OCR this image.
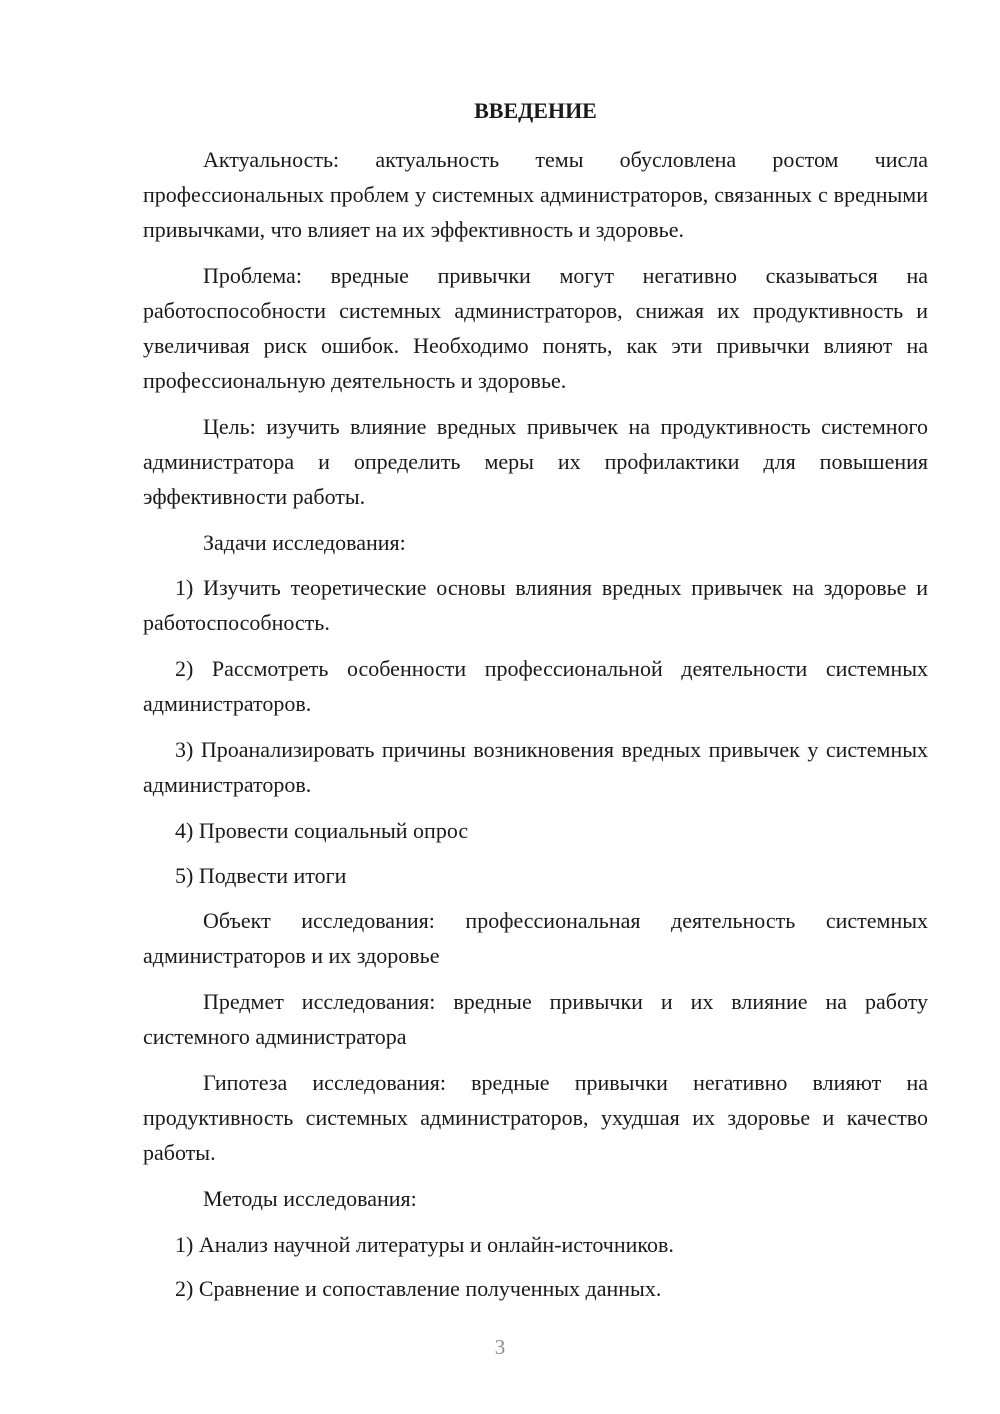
ВВЕДЕНИЕ

Актуальность: актуальность темы обусловлена ростом числа профессиональных проблем у системных администраторов, связанных с вредными привычками, что влияет на их эффективность и здоровье.

Проблема: вредные привычки могут негативно сказываться на работоспособности системных администраторов, снижая их продуктивность и увеличивая риск ошибок. Необходимо понять, как эти привычки влияют на профессиональную деятельность и здоровье.

Цель: изучить влияние вредных привычек на продуктивность системного администратора и определить меры их профилактики для повышения эффективности работы.

Задачи исследования:

1) Изучить теоретические основы влияния вредных привычек на здоровье и работоспособность.

2) Рассмотреть особенности профессиональной деятельности системных администраторов.

3) Проанализировать причины возникновения вредных привычек у системных администраторов.

4) Провести социальный опрос

5) Подвести итоги

Объект исследования: профессиональная деятельность системных администраторов и их здоровье

Предмет исследования: вредные привычки и их влияние на работу системного администратора

Гипотеза исследования: вредные привычки негативно влияют на продуктивность системных администраторов, ухудшая их здоровье и качество работы.

Методы исследования:

1) Анализ научной литературы и онлайн-источников.

2) Сравнение и сопоставление полученных данных.

3
